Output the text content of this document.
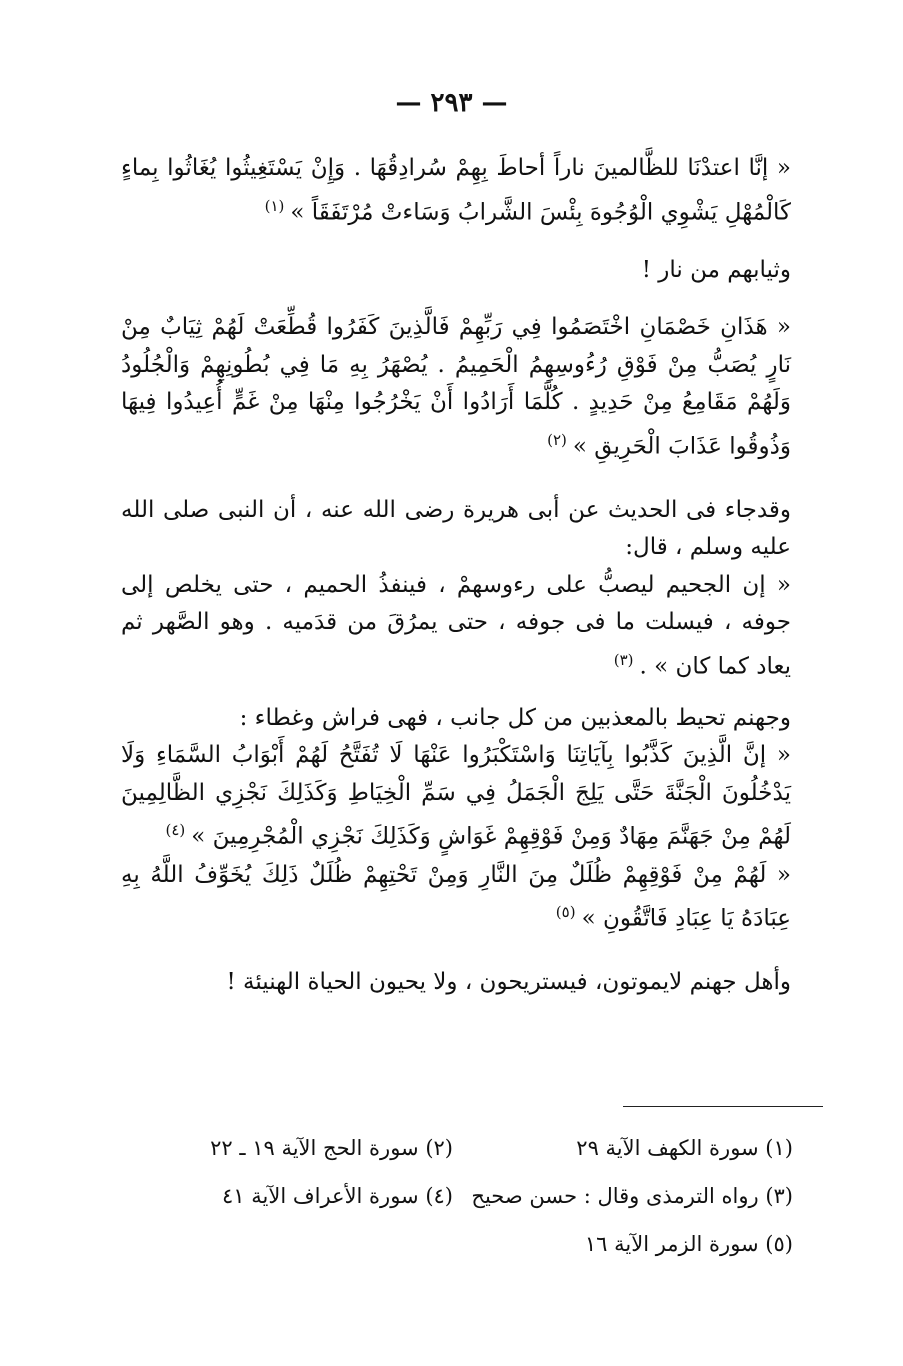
— ٢٩٣ —

« إنَّا اعتدْنَا للظَّالمينَ ناراً أحاطَ بِهِمْ سُرادِقُهَا . وَإِنْ يَسْتَغِيثُوا يُغَاثُوا بِماءٍ كَالْمُهْلِ يَشْوِي الْوُجُوهَ بِئْسَ الشَّرابُ وَسَاءتْ مُرْتَفَقَاً »$^{(١)}$

وثيابهم من نار !

« هَذَانِ خَصْمَانِ اخْتَصَمُوا فِي رَبِّهِمْ فَالَّذِينَ كَفَرُوا قُطِّعَتْ لَهُمْ ثِيَابٌ مِنْ نَارٍ يُصَبُّ مِنْ فَوْقِ رُءُوسِهِمُ الْحَمِيمُ . يُصْهَرُ بِهِ مَا فِي بُطُونِهِمْ وَالْجُلُودُ وَلَهُمْ مَقَامِعُ مِنْ حَدِيدٍ . كُلَّمَا أَرَادُوا أَنْ يَخْرُجُوا مِنْهَا مِنْ غَمٍّ أُعِيدُوا فِيهَا وَذُوقُوا عَذَابَ الْحَرِيقِ »$^{(٢)}$

وقدجاء فى الحديث عن أبى هريرة رضى الله عنه ، أن النبى صلى الله عليه وسلم ، قال:

« إن الجحيم ليصبُّ على رءوسهمْ ، فينفذُ الحميم ، حتى يخلص إلى جوفه ، فيسلت ما فى جوفه ، حتى يمرُقَ من قدَميه . وهو الصَّهر ثم يعاد كما كان » .$^{(٣)}$

وجهنم تحيط بالمعذبين من كل جانب ، فهى فراش وغطاء :

« إنَّ الَّذِينَ كَذَّبُوا بِآيَاتِنَا وَاسْتَكْبَرُوا عَنْهَا لَا تُفَتَّحُ لَهُمْ أَبْوَابُ السَّمَاءِ وَلَا يَدْخُلُونَ الْجَنَّةَ حَتَّى يَلِجَ الْجَمَلُ فِي سَمِّ الْخِيَاطِ وَكَذَلِكَ نَجْزِي الظَّالِمِينَ لَهُمْ مِنْ جَهَنَّمَ مِهَادٌ وَمِنْ فَوْقِهِمْ غَوَاشٍ وَكَذَلِكَ نَجْزِي الْمُجْرِمِينَ »$^{(٤)}$

« لَهُمْ مِنْ فَوْقِهِمْ ظُلَلٌ مِنَ النَّارِ وَمِنْ تَحْتِهِمْ ظُلَلٌ ذَلِكَ يُخَوِّفُ اللَّهُ بِهِ عِبَادَهُ يَا عِبَادِ فَاتَّقُونِ »$^{(٥)}$

وأهل جهنم لايموتون، فيستريحون ، ولا يحيون الحياة الهنيئة !

(١) سورة الكهف الآية ٢٩
(٢) سورة الحج الآية ١٩ ـ ٢٢
(٣) رواه الترمذى وقال : حسن صحيح
(٤) سورة الأعراف الآية ٤١
(٥) سورة الزمر الآية ١٦
